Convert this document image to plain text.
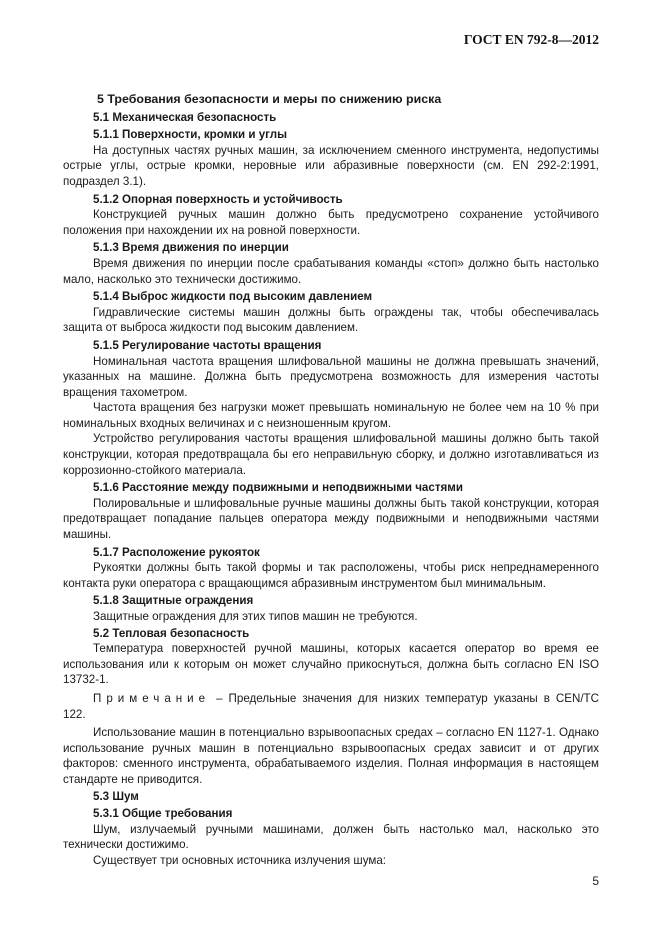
ГОСТ EN 792-8—2012
5 Требования безопасности и меры по снижению риска
5.1 Механическая безопасность
5.1.1 Поверхности, кромки и углы
На доступных частях ручных машин, за исключением сменного инструмента, недопустимы острые углы, острые кромки, неровные или абразивные поверхности (см. EN 292-2:1991, подраздел 3.1).
5.1.2 Опорная поверхность и устойчивость
Конструкцией ручных машин должно быть предусмотрено сохранение устойчивого положения при нахождении их на ровной поверхности.
5.1.3 Время движения по инерции
Время движения по инерции после срабатывания команды «стоп» должно быть настолько мало, насколько это технически достижимо.
5.1.4 Выброс жидкости под высоким давлением
Гидравлические системы машин должны быть ограждены так, чтобы обеспечивалась защита от выброса жидкости под высоким давлением.
5.1.5 Регулирование частоты вращения
Номинальная частота вращения шлифовальной машины не должна превышать значений, указанных на машине. Должна быть предусмотрена возможность для измерения частоты вращения тахометром.
Частота вращения без нагрузки может превышать номинальную не более чем на 10 % при номинальных входных величинах и с неизношенным кругом.
Устройство регулирования частоты вращения шлифовальной машины должно быть такой конструкции, которая предотвращала бы его неправильную сборку, и должно изготавливаться из коррозионно-стойкого материала.
5.1.6 Расстояние между подвижными и неподвижными частями
Полировальные и шлифовальные ручные машины должны быть такой конструкции, которая предотвращает попадание пальцев оператора между подвижными и неподвижными частями машины.
5.1.7 Расположение рукояток
Рукоятки должны быть такой формы и так расположены, чтобы риск непреднамеренного контакта руки оператора с вращающимся абразивным инструментом был минимальным.
5.1.8 Защитные ограждения
Защитные ограждения для этих типов машин не требуются.
5.2 Тепловая безопасность
Температура поверхностей ручной машины, которых касается оператор во время ее использования или к которым он может случайно прикоснуться, должна быть согласно EN ISO 13732-1.
Примечание – Предельные значения для низких температур указаны в CEN/TC 122.
Использование машин в потенциально взрывоопасных средах – согласно EN 1127-1. Однако использование ручных машин в потенциально взрывоопасных средах зависит и от других факторов: сменного инструмента, обрабатываемого изделия. Полная информация в настоящем стандарте не приводится.
5.3 Шум
5.3.1 Общие требования
Шум, излучаемый ручными машинами, должен быть настолько мал, насколько это технически достижимо.
Существует три основных источника излучения шума:
5
